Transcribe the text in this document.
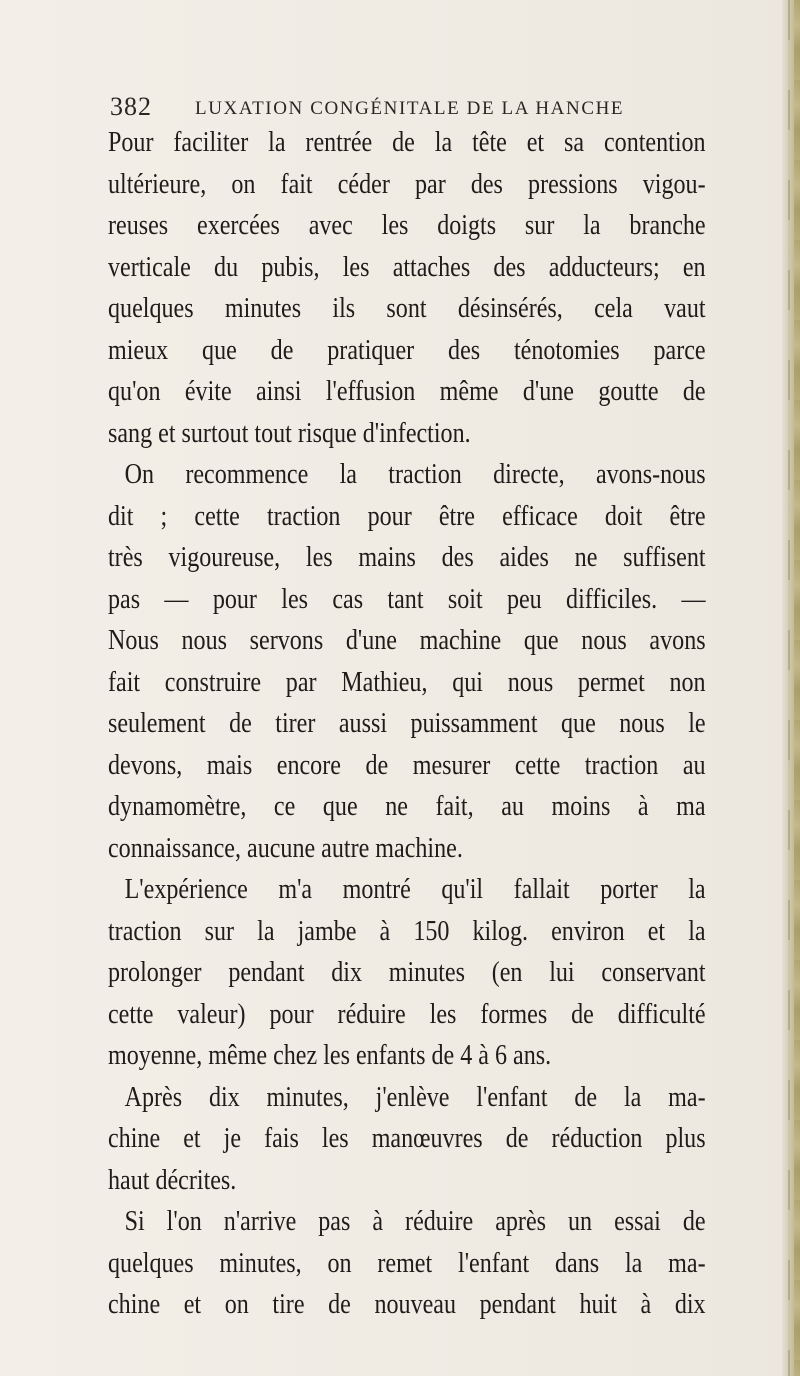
382 LUXATION CONGÉNITALE DE LA HANCHE
Pour faciliter la rentrée de la tête et sa contention
ultérieure, on fait céder par des pressions vigou-
reuses exercées avec les doigts sur la branche
verticale du pubis, les attaches des adducteurs; en
quelques minutes ils sont désinsérés, cela vaut
mieux que de pratiquer des ténotomies parce
qu'on évite ainsi l'effusion même d'une goutte de
sang et surtout tout risque d'infection.
On recommence la traction directe, avons-nous
dit ; cette traction pour être efficace doit être
très vigoureuse, les mains des aides ne suffisent
pas — pour les cas tant soit peu difficiles. —
Nous nous servons d'une machine que nous avons
fait construire par Mathieu, qui nous permet non
seulement de tirer aussi puissamment que nous le
devons, mais encore de mesurer cette traction au
dynamomètre, ce que ne fait, au moins à ma
connaissance, aucune autre machine.
L'expérience m'a montré qu'il fallait porter la
traction sur la jambe à 150 kilog. environ et la
prolonger pendant dix minutes (en lui conservant
cette valeur) pour réduire les formes de difficulté
moyenne, même chez les enfants de 4 à 6 ans.
Après dix minutes, j'enlève l'enfant de la ma-
chine et je fais les manœuvres de réduction plus
haut décrites.
Si l'on n'arrive pas à réduire après un essai de
quelques minutes, on remet l'enfant dans la ma-
chine et on tire de nouveau pendant huit à dix
